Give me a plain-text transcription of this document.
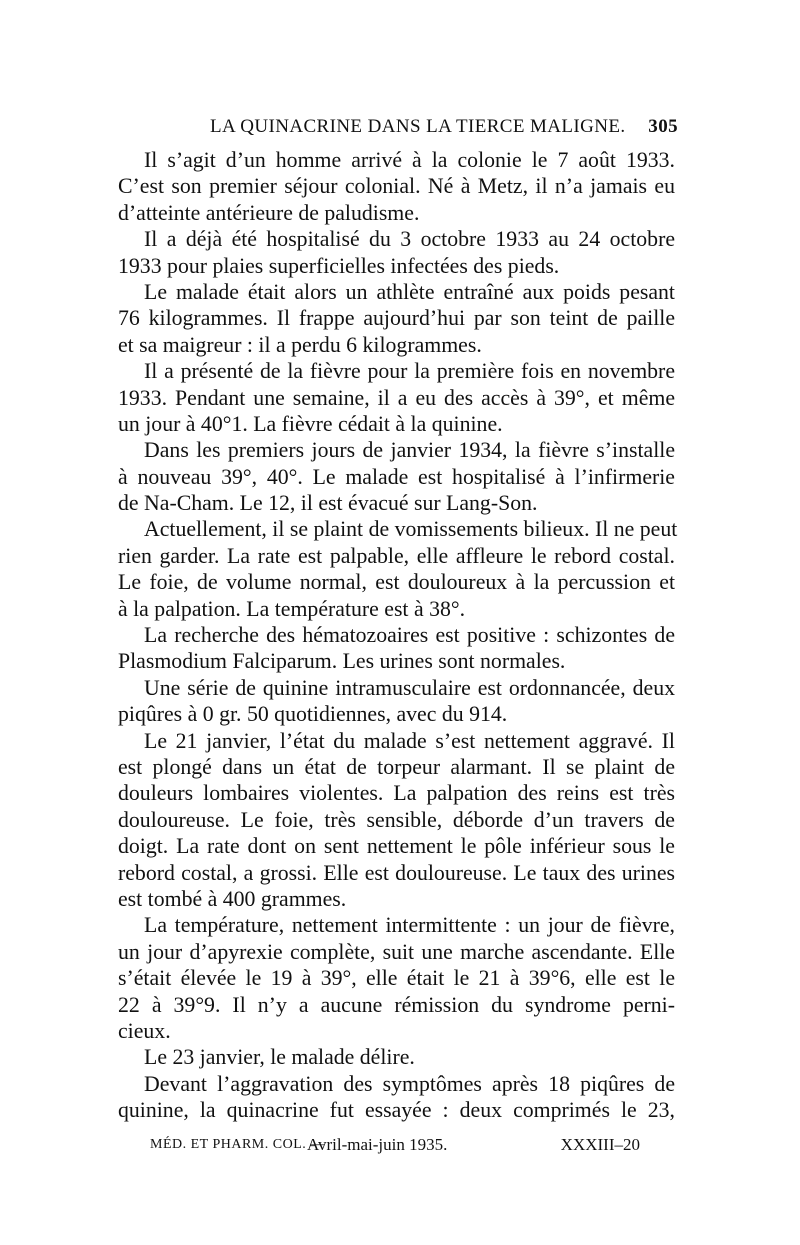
LA QUINACRINE DANS LA TIERCE MALIGNE. 305
Il s’agit d’un homme arrivé à la colonie le 7 août 1933.
C’est son premier séjour colonial. Né à Metz, il n’a jamais eu
d’atteinte antérieure de paludisme.
Il a déjà été hospitalisé du 3 octobre 1933 au 24 octobre
1933 pour plaies superficielles infectées des pieds.
Le malade était alors un athlète entraîné aux poids pesant
76 kilogrammes. Il frappe aujourd’hui par son teint de paille
et sa maigreur : il a perdu 6 kilogrammes.
Il a présenté de la fièvre pour la première fois en novembre
1933. Pendant une semaine, il a eu des accès à 39°, et même
un jour à 40°1. La fièvre cédait à la quinine.
Dans les premiers jours de janvier 1934, la fièvre s’installe
à nouveau 39°, 40°. Le malade est hospitalisé à l’infirmerie
de Na-Cham. Le 12, il est évacué sur Lang-Son.
Actuellement, il se plaint de vomissements bilieux. Il ne peut
rien garder. La rate est palpable, elle affleure le rebord costal.
Le foie, de volume normal, est douloureux à la percussion et
à la palpation. La température est à 38°.
La recherche des hématozoaires est positive : schizontes de
Plasmodium Falciparum. Les urines sont normales.
Une série de quinine intramusculaire est ordonnancée, deux
piqûres à 0 gr. 50 quotidiennes, avec du 914.
Le 21 janvier, l’état du malade s’est nettement aggravé. Il
est plongé dans un état de torpeur alarmant. Il se plaint de
douleurs lombaires violentes. La palpation des reins est très
douloureuse. Le foie, très sensible, déborde d’un travers de
doigt. La rate dont on sent nettement le pôle inférieur sous le
rebord costal, a grossi. Elle est douloureuse. Le taux des urines
est tombé à 400 grammes.
La température, nettement intermittente : un jour de fièvre,
un jour d’apyrexie complète, suit une marche ascendante. Elle
s’était élevée le 19 à 39°, elle était le 21 à 39°6, elle est le
22 à 39°9. Il n’y a aucune rémission du syndrome perni-
cieux.
Le 23 janvier, le malade délire.
Devant l’aggravation des symptômes après 18 piqûres de
quinine, la quinacrine fut essayée : deux comprimés le 23,
MÉD. ET PHARM. COL. —
Avril-mai-juin 1935.	XXXIII–20
